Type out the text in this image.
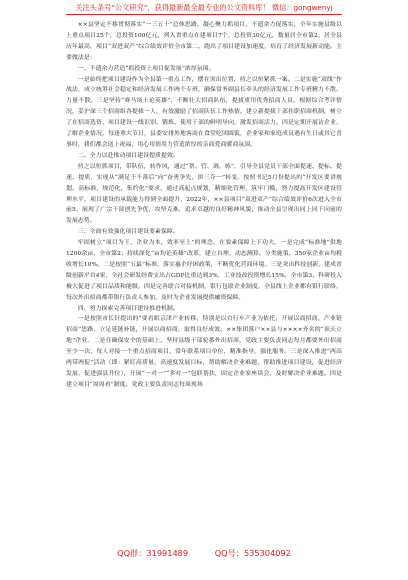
关注头条号“公文研究”，获得最新最全最专业的公文资料库！ 微信：gongwenyj

××县坚定不移贯彻落实“一三五十”总体思路，凝心聚力抓项目，不遗余力促落实，全年实施县级以上重点项目25个，总投资100亿元，列入省重点在建项目7个，总投资30亿元，数量居全市第2，居全县历年最高。项目“双进双产”综合绩效评价全市第二，跑出了项目建设加速度，培育了经济发展新动能。主要做法是：

一、不遗余力营造“抓投资上项目促发展”浓厚氛围。

一是始终把项目建设作为全县第一重点工作，摆在突出位置，持之以恒紧抓一案。二是实施“双线”作战法，成立统筹社会稳定和经济发展工作两个专班，确保常务副县长牵头的经济发展工作专班精力不散、力量不散。三是坚持“赛马场上论英雄”，不断壮大招商队伍，提拔重用优秀招商人员，根据综合考评情况，妥沪深三个招商组各提拔一人，有效激励了招商队伍工作热情。建立新提拔干部挂职招商机制，树立了在招商选资、项目建设一线识别、锻炼、使用干部的鲜明导向，激发招商活力。四是定期开展访企业、了解企业情况，每逢重大节日，县委安排外地客商在食堂吃团圆饭，企业家和家庭成员遇有生日或其它喜事时，我们都会送上祝福，用心用情用力营造浓厚的亲商爱商暖商氛围。

二、全力以赴推动项目建设提质提效。

持之以恒抓项目，带队伍，转作风，通过“帮、管、调、练”，引导全县党员干部全面提速、提标、提速、提质，实现从“满足于不落后”向“奋勇争先、拼三夺一”转变。按照书记5月份提出的“开发区要讲规划，高标准，规范化，集约化”要求，通过高起点规划，精细化管理，筑牢门槛，努力提高开发区建设管理水平，项目建设的承载能力得到全面提升，2022年，××县项目“双进双产”综合绩效评价6次进入全市前5，展现了广宗干部创先争优，攻坚克难，追求卓越的良好精神风貌，推动全县呈现出同上同下向前的发展态势。

三、全面有效强化项目建设要素保障。

牢固树立“项目为王，企业为本，效率至上”的理念，在要素保障上下功夫。一是完成“标准地”供地1200余亩，全市第2；持续深化“亩均论英雄”改革，建立自理、动态测算、分类施策，350家企业亩均税收增长10%。二是按照“五最”标准，落实惠企纾困政策，不断优化营商环境。三是突出科技创新，建成省级创新平台4家，全社会研发经费支出占GDP比重达到3%，工业技改投资增长15%，全市第3，科研投入极大促进了项目品质和能级。四是完善联合对接机制，银行包联企业制度，全县线上企业都有银行联络，每次外出招商都带银行负责人参加，及时为企业发展提供融资保障。

四、努力探索完善项目建设推进机制。

一是按照市长针提出的“要看眼京津产业转移，特别是以台行车产业为依托，开展以商招商，产业链招商”思路，立足延链补链，开展以商招商，取得良好成效。××集团落户××县与××××齐名的“顶天立地”企业。二是在确保安全的基础上，坚持县级干部轮番外出招商，党政主要负责同志每月都要外出招商至少一次，每人对接一个重点招商项目，常年联系项目单位，精准指导，强化服务。三是深入推进“两高两带两促”活动（即：紧盯高质量，高速度发展目标，帮助解决企业难题，帮助推进项目建设，促进经济发展，促进强县升位），开展“一对一”“多对一”包联帮扶，固定企业家座谈会，及时解决企业难题。四是建立项目“周周看”制度，党政主要负责同志每周现场

QQ群：31991489	QQ号：535304092
